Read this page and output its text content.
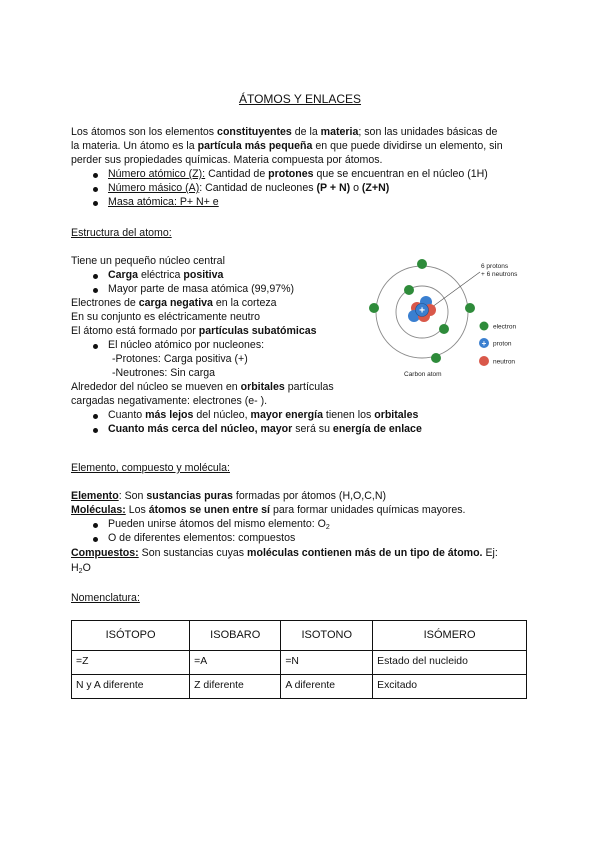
ÁTOMOS Y ENLACES
Los átomos son los elementos constituyentes de la materia; son las unidades básicas de
la materia. Un átomo es la partícula más pequeña en que puede dividirse un elemento, sin
perder sus propiedades químicas. Materia compuesta por átomos.
Número atómico (Z): Cantidad de protones que se encuentran en el núcleo (1H)
Número másico (A): Cantidad de nucleones (P + N) o (Z+N)
Masa atómica: P+ N+ e
Estructura del atomo:
Tiene un pequeño núcleo central
Carga eléctrica positiva
Mayor parte de masa atómica (99,97%)
Electrones de carga negativa en la corteza
En su conjunto es eléctricamente neutro
El átomo está formado por partículas subatómicas
El núcleo atómico por nucleones:
-Protones: Carga positiva (+)
-Neutrones: Sin carga
Alrededor del núcleo se mueven en orbitales partículas
cargadas negativamente: electrones (e- ).
Cuanto más lejos del núcleo, mayor energía tienen los orbitales
Cuanto más cerca del núcleo, mayor será su energía de enlace
+
6 protons
+ 6 neutrons
electron
+ proton
neutron
Carbon atom
Elemento, compuesto y molécula:
Elemento: Son sustancias puras formadas por átomos (H,O,C,N)
Moléculas: Los átomos se unen entre sí para formar unidades químicas mayores.
Pueden unirse átomos del mismo elemento: $O_2$
O de diferentes elementos: compuestos
Compuestos: Son sustancias cuyas moléculas contienen más de un tipo de átomo. Ej:
$H_2O$
Nomenclatura:
ISÓTOPO	ISOBARO	ISOTONO	ISÓMERO
=Z	=A	=N	Estado del nucleido
N y A diferente	Z diferente	A diferente	Excitado
